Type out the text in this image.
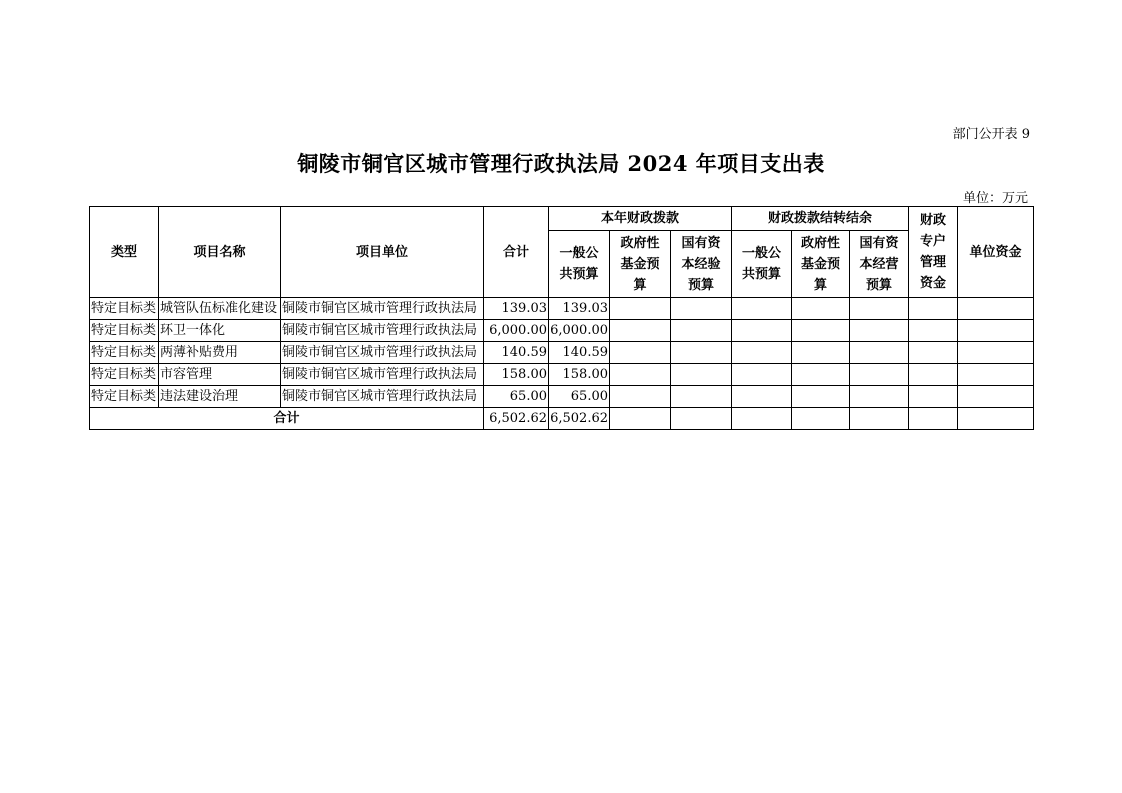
部门公开表 9
铜陵市铜官区城市管理行政执法局 2024 年项目支出表
单位：万元
类型	项目名称	项目单位	合计	本年财政拨款			财政拨款结转结余			财政专户管理资金	单位资金
				一般公共预算	政府性基金预算	国有资本经验预算	一般公共预算	政府性基金预算	国有资本经营预算		
特定目标类	城管队伍标准化建设	铜陵市铜官区城市管理行政执法局	139.03	139.03							
特定目标类	环卫一体化	铜陵市铜官区城市管理行政执法局	6,000.00	6,000.00							
特定目标类	两薄补贴费用	铜陵市铜官区城市管理行政执法局	140.59	140.59							
特定目标类	市容管理	铜陵市铜官区城市管理行政执法局	158.00	158.00							
特定目标类	违法建设治理	铜陵市铜官区城市管理行政执法局	65.00	65.00							
合计			6,502.62	6,502.62							
